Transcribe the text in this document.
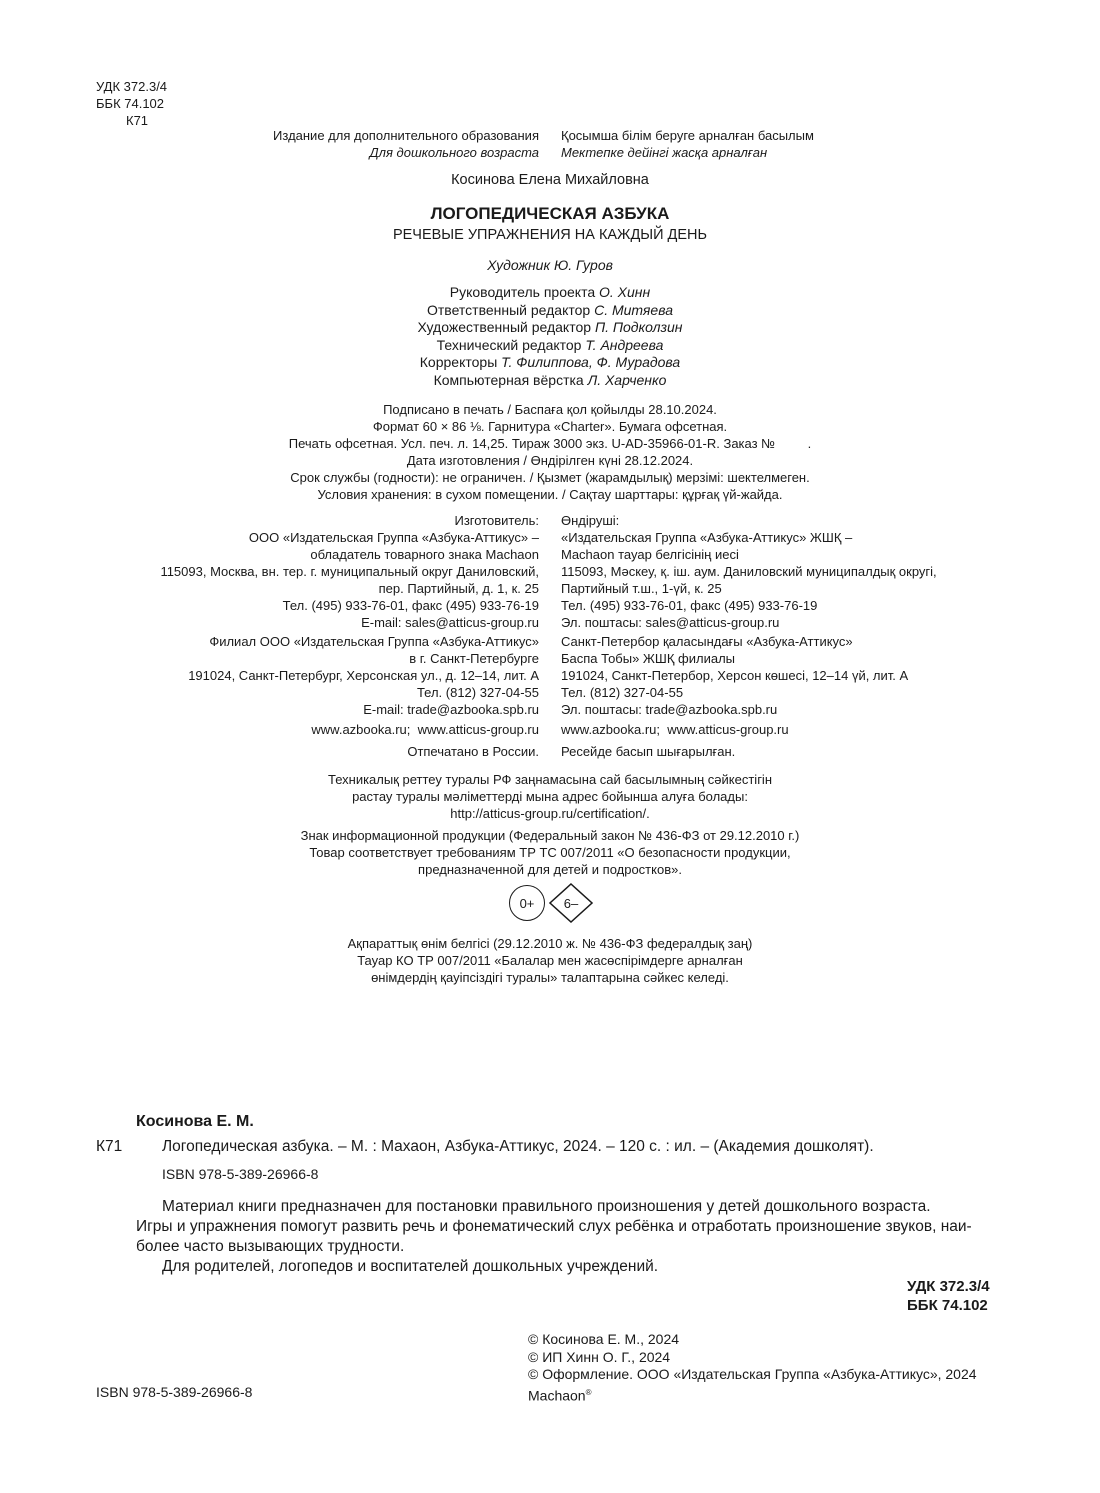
УДК 372.3/4
ББК 74.102
К71
Издание для дополнительного образования
Для дошкольного возраста
Қосымша білім беруге арналған басылым
Мектепке дейінгі жасқа арналған
Косинова Елена Михайловна
ЛОГОПЕДИЧЕСКАЯ АЗБУКА
РЕЧЕВЫЕ УПРАЖНЕНИЯ НА КАЖДЫЙ ДЕНЬ
Художник Ю. Гуров
Руководитель проекта О. Хинн
Ответственный редактор С. Митяева
Художественный редактор П. Подколзин
Технический редактор Т. Андреева
Корректоры Т. Филиппова, Ф. Мурадова
Компьютерная вёрстка Л. Харченко
Подписано в печать / Баспаға қол қойылды 28.10.2024.
Формат 60 × 86 ⅛. Гарнитура «Charter». Бумага офсетная.
Печать офсетная. Усл. печ. л. 14,25. Тираж 3000 экз. U-AD-35966-01-R. Заказ №         .
Дата изготовления / Өндірілген күні 28.12.2024.
Срок службы (годности): не ограничен. / Қызмет (жарамдылық) мерзімі: шектелмеген.
Условия хранения: в сухом помещении. / Сақтау шарттары: құрғақ үй-жайда.
Изготовитель:
ООО «Издательская Группа «Азбука-Аттикус» –
обладатель товарного знака Machaon
115093, Москва, вн. тер. г. муниципальный округ Даниловский,
пер. Партийный, д. 1, к. 25
Тел. (495) 933-76-01, факс (495) 933-76-19
E-mail: sales@atticus-group.ru
Өндіруші:
«Издательская Группа «Азбука-Аттикус» ЖШҚ –
Machaon тауар белгісінің иесі
115093, Мәскеу, қ. іш. аум. Даниловский муниципалдық округі,
Партийный т.ш., 1-үй, к. 25
Тел. (495) 933-76-01, факс (495) 933-76-19
Эл. поштасы: sales@atticus-group.ru
Филиал ООО «Издательская Группа «Азбука-Аттикус»
в г. Санкт-Петербурге
191024, Санкт-Петербург, Херсонская ул., д. 12–14, лит. А
Тел. (812) 327-04-55
E-mail: trade@azbooka.spb.ru
Санкт-Петербор қаласындағы «Азбука-Аттикус»
Баспа Тобы» ЖШҚ филиалы
191024, Санкт-Петербор, Херсон көшесі, 12–14 үй, лит. А
Тел. (812) 327-04-55
Эл. поштасы: trade@azbooka.spb.ru
www.azbooka.ru;  www.atticus-group.ru www.azbooka.ru;  www.atticus-group.ru
Отпечатано в России. Ресейде басып шығарылған.
Техникалық реттеу туралы РФ заңнамасына сай басылымның сәйкестігін
растау туралы мәліметтерді мына адрес бойынша алуға болады:
http://atticus-group.ru/certification/.
Знак информационной продукции (Федеральный закон № 436-ФЗ от 29.12.2010 г.)
Товар соответствует требованиям ТР ТС 007/2011 «О безопасности продукции,
предназначенной для детей и подростков».
0+	6–
Ақпараттық өнім белгісі (29.12.2010 ж. № 436-ФЗ федералдық заң)
Тауар КО ТР 007/2011 «Балалар мен жасөспірімдерге арналған
өнімдердің қауіпсіздігі туралы» талаптарына сәйкес келеді.
Косинова Е. М.
К71	Логопедическая азбука. – М. : Махаон, Азбука-Аттикус, 2024. – 120 с. : ил. – (Академия дошколят).
ISBN 978-5-389-26966-8
Материал книги предназначен для постановки правильного произношения у детей дошкольного возраста.
Игры и упражнения помогут развить речь и фонематический слух ребёнка и отработать произношение звуков, наи-
более часто вызывающих трудности.
Для родителей, логопедов и воспитателей дошкольных учреждений.
УДК 372.3/4
ББК 74.102
© Косинова Е. М., 2024
© ИП Хинн О. Г., 2024
© Оформление. ООО «Издательская Группа «Азбука-Аттикус», 2024
Machaon®
ISBN 978-5-389-26966-8
